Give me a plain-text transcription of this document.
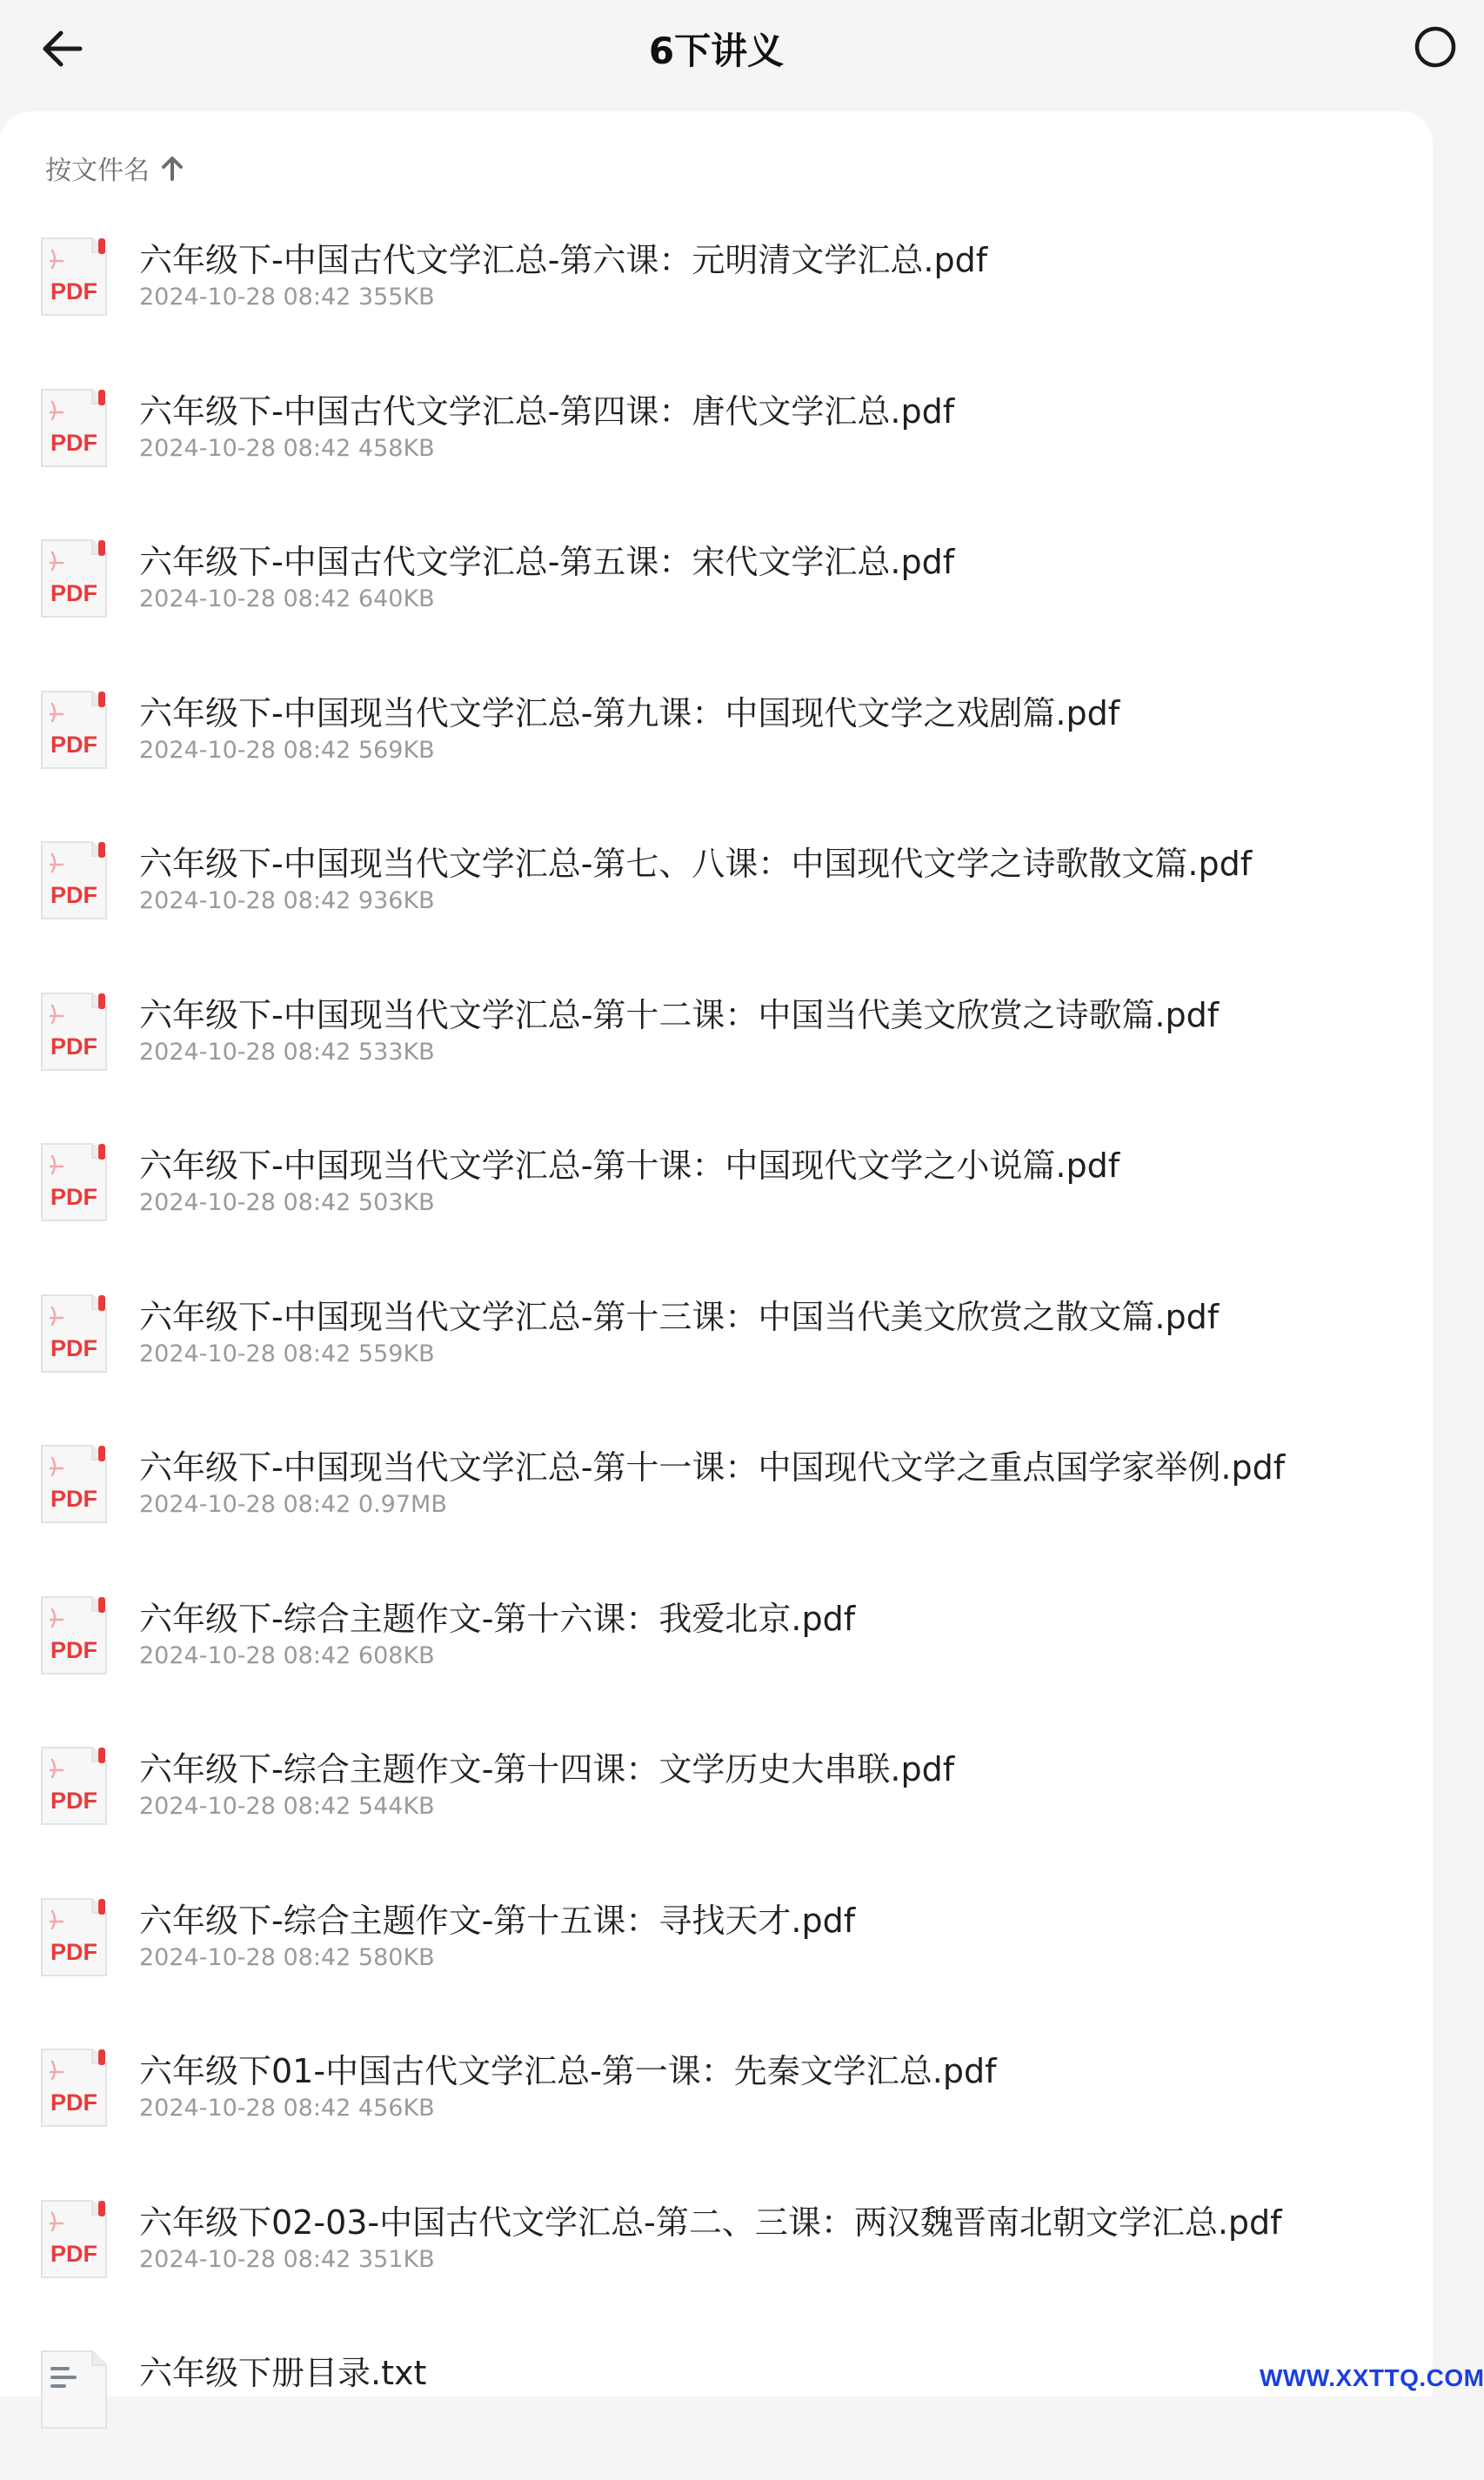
6下讲义
按文件名
PDF
六年级下-中国古代文学汇总-第六课：元明清文学汇总.pdf
2024-10-28 08:42 355KB
PDF
六年级下-中国古代文学汇总-第四课：唐代文学汇总.pdf
2024-10-28 08:42 458KB
PDF
六年级下-中国古代文学汇总-第五课：宋代文学汇总.pdf
2024-10-28 08:42 640KB
PDF
六年级下-中国现当代文学汇总-第九课：中国现代文学之戏剧篇.pdf
2024-10-28 08:42 569KB
PDF
六年级下-中国现当代文学汇总-第七、八课：中国现代文学之诗歌散文篇.pdf
2024-10-28 08:42 936KB
PDF
六年级下-中国现当代文学汇总-第十二课：中国当代美文欣赏之诗歌篇.pdf
2024-10-28 08:42 533KB
PDF
六年级下-中国现当代文学汇总-第十课：中国现代文学之小说篇.pdf
2024-10-28 08:42 503KB
PDF
六年级下-中国现当代文学汇总-第十三课：中国当代美文欣赏之散文篇.pdf
2024-10-28 08:42 559KB
PDF
六年级下-中国现当代文学汇总-第十一课：中国现代文学之重点国学家举例.pdf
2024-10-28 08:42 0.97MB
PDF
六年级下-综合主题作文-第十六课：我爱北京.pdf
2024-10-28 08:42 608KB
PDF
六年级下-综合主题作文-第十四课：文学历史大串联.pdf
2024-10-28 08:42 544KB
PDF
六年级下-综合主题作文-第十五课：寻找天才.pdf
2024-10-28 08:42 580KB
PDF
六年级下01-中国古代文学汇总-第一课：先秦文学汇总.pdf
2024-10-28 08:42 456KB
PDF
六年级下02-03-中国古代文学汇总-第二、三课：两汉魏晋南北朝文学汇总.pdf
2024-10-28 08:42 351KB
六年级下册目录.txt	WWW.XXTTQ.COM
